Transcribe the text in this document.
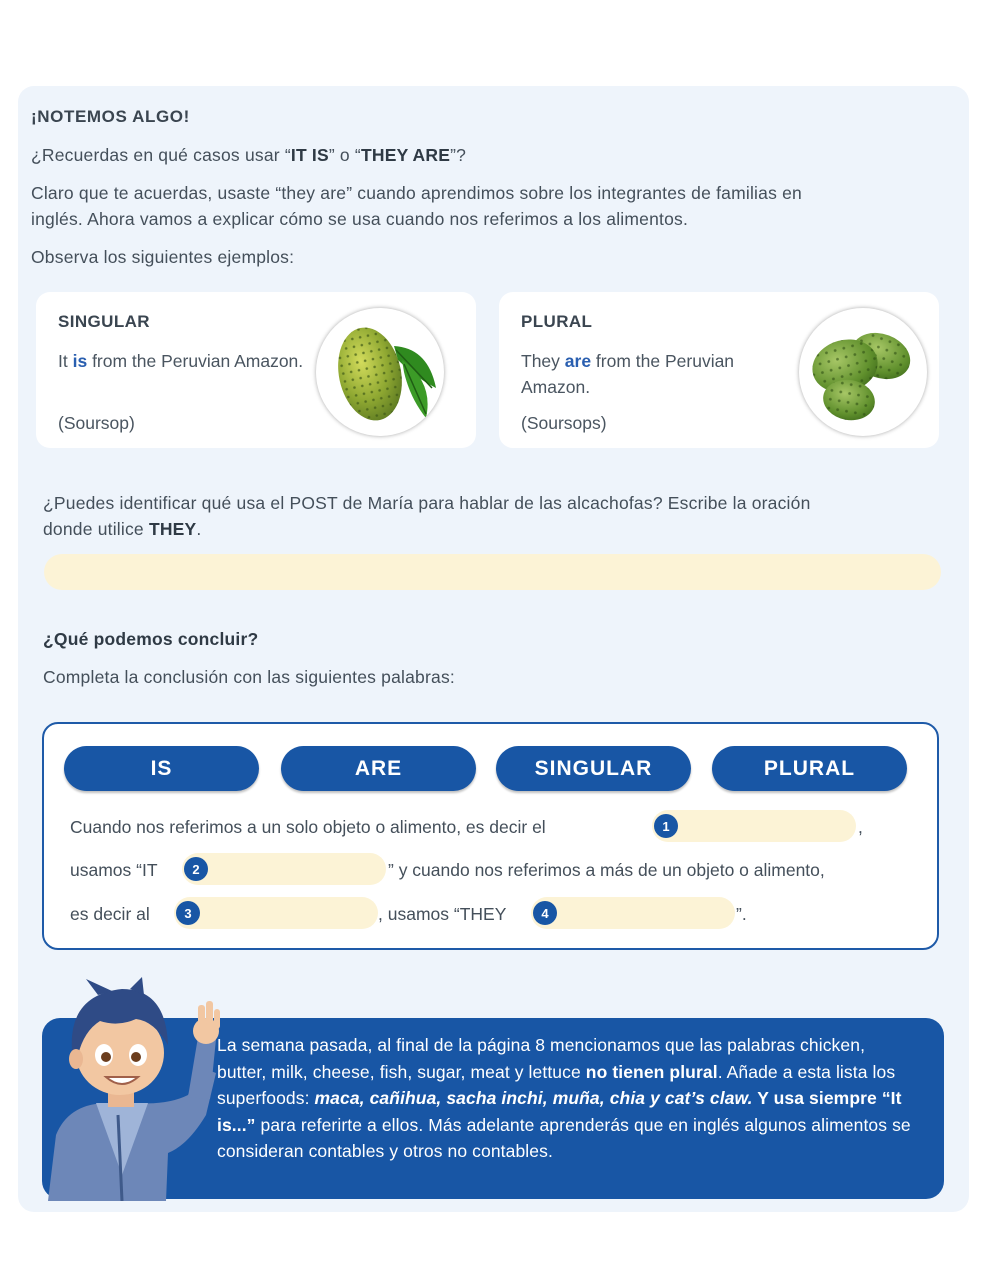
¡NOTEMOS ALGO!
¿Recuerdas en qué casos usar “IT IS” o “THEY ARE”?
Claro que te acuerdas, usaste “they are” cuando aprendimos sobre los integrantes de familias en
inglés. Ahora vamos a explicar cómo se usa cuando nos referimos a los alimentos.
Observa los siguientes ejemplos:
SINGULAR
It is from the Peruvian Amazon.
(Soursop)
PLURAL
They are from the Peruvian Amazon.
(Soursops)
¿Puedes identificar qué usa el POST de María para hablar de las alcachofas? Escribe la oración
donde utilice THEY.
¿Qué podemos concluir?
Completa la conclusión con las siguientes palabras:
IS	ARE	SINGULAR	PLURAL
Cuando nos referimos a un solo objeto o alimento, es decir el	1	,
usamos “IT	2	” y cuando nos referimos a más de un objeto o alimento,
es decir al	3	, usamos “THEY	4	”.
La semana pasada, al final de la página 8 mencionamos que las palabras chicken, butter, milk, cheese, fish, sugar, meat y lettuce no tienen plural. Añade a esta lista los superfoods: maca, cañihua, sacha inchi, muña, chia y cat’s claw. Y usa siempre “It is...” para referirte a ellos. Más adelante aprenderás que en inglés algunos alimentos se consideran contables y otros no contables.
